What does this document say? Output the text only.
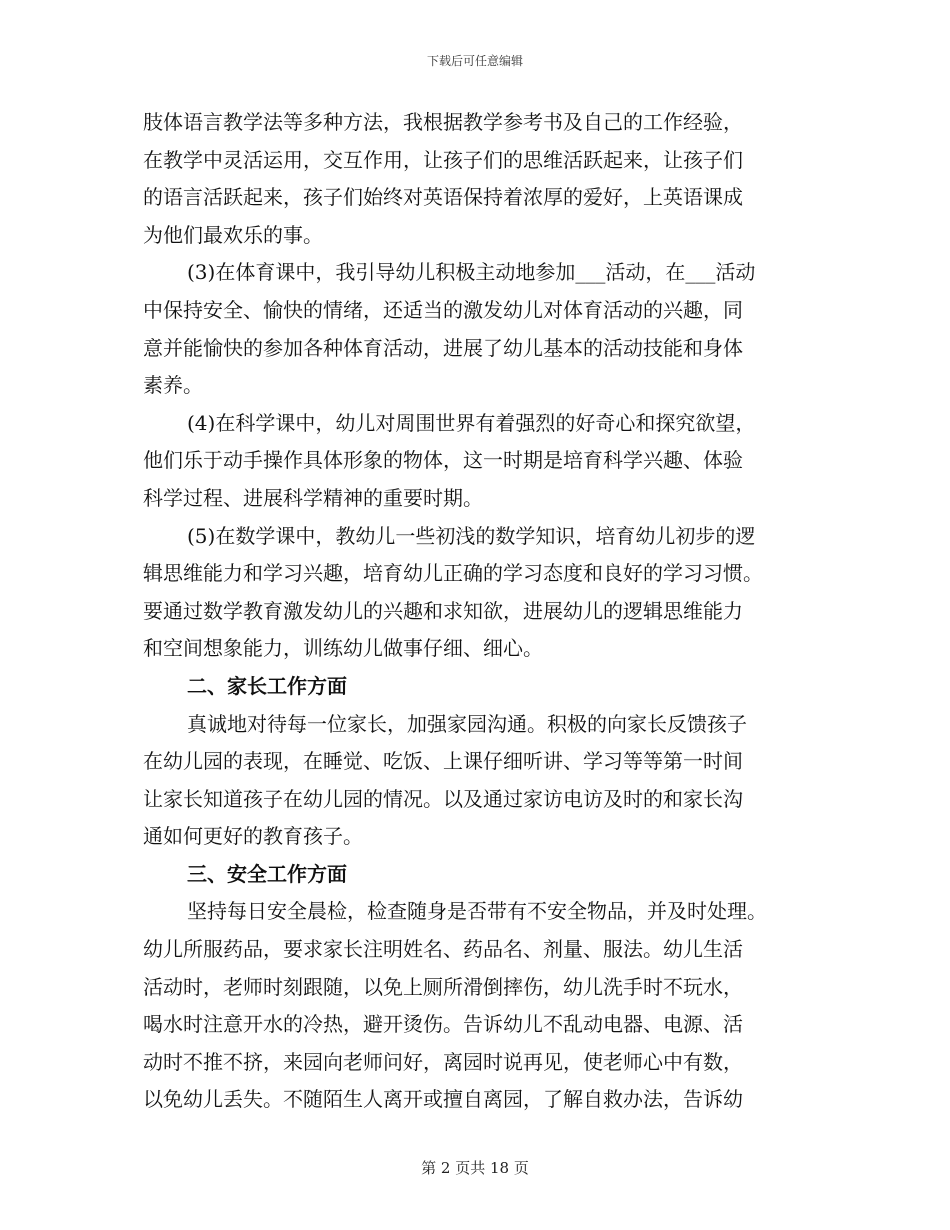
下载后可任意编辑
肢体语言教学法等多种方法，我根据教学参考书及自己的工作经验，
在教学中灵活运用，交互作用，让孩子们的思维活跃起来，让孩子们
的语言活跃起来，孩子们始终对英语保持着浓厚的爱好，上英语课成
为他们最欢乐的事。
(3)在体育课中，我引导幼儿积极主动地参加___活动，在___活动
中保持安全、愉快的情绪，还适当的激发幼儿对体育活动的兴趣，同
意并能愉快的参加各种体育活动，进展了幼儿基本的活动技能和身体
素养。
(4)在科学课中，幼儿对周围世界有着强烈的好奇心和探究欲望，
他们乐于动手操作具体形象的物体，这一时期是培育科学兴趣、体验
科学过程、进展科学精神的重要时期。
(5)在数学课中，教幼儿一些初浅的数学知识，培育幼儿初步的逻
辑思维能力和学习兴趣，培育幼儿正确的学习态度和良好的学习习惯。
要通过数学教育激发幼儿的兴趣和求知欲，进展幼儿的逻辑思维能力
和空间想象能力，训练幼儿做事仔细、细心。
二、家长工作方面
真诚地对待每一位家长，加强家园沟通。积极的向家长反馈孩子
在幼儿园的表现，在睡觉、吃饭、上课仔细听讲、学习等等第一时间
让家长知道孩子在幼儿园的情况。以及通过家访电访及时的和家长沟
通如何更好的教育孩子。
三、安全工作方面
坚持每日安全晨检，检查随身是否带有不安全物品，并及时处理。
幼儿所服药品，要求家长注明姓名、药品名、剂量、服法。幼儿生活
活动时，老师时刻跟随，以免上厕所滑倒摔伤，幼儿洗手时不玩水，
喝水时注意开水的冷热，避开烫伤。告诉幼儿不乱动电器、电源、活
动时不推不挤，来园向老师问好，离园时说再见，使老师心中有数，
以免幼儿丢失。不随陌生人离开或擅自离园，了解自救办法，告诉幼
第 2 页共 18 页
